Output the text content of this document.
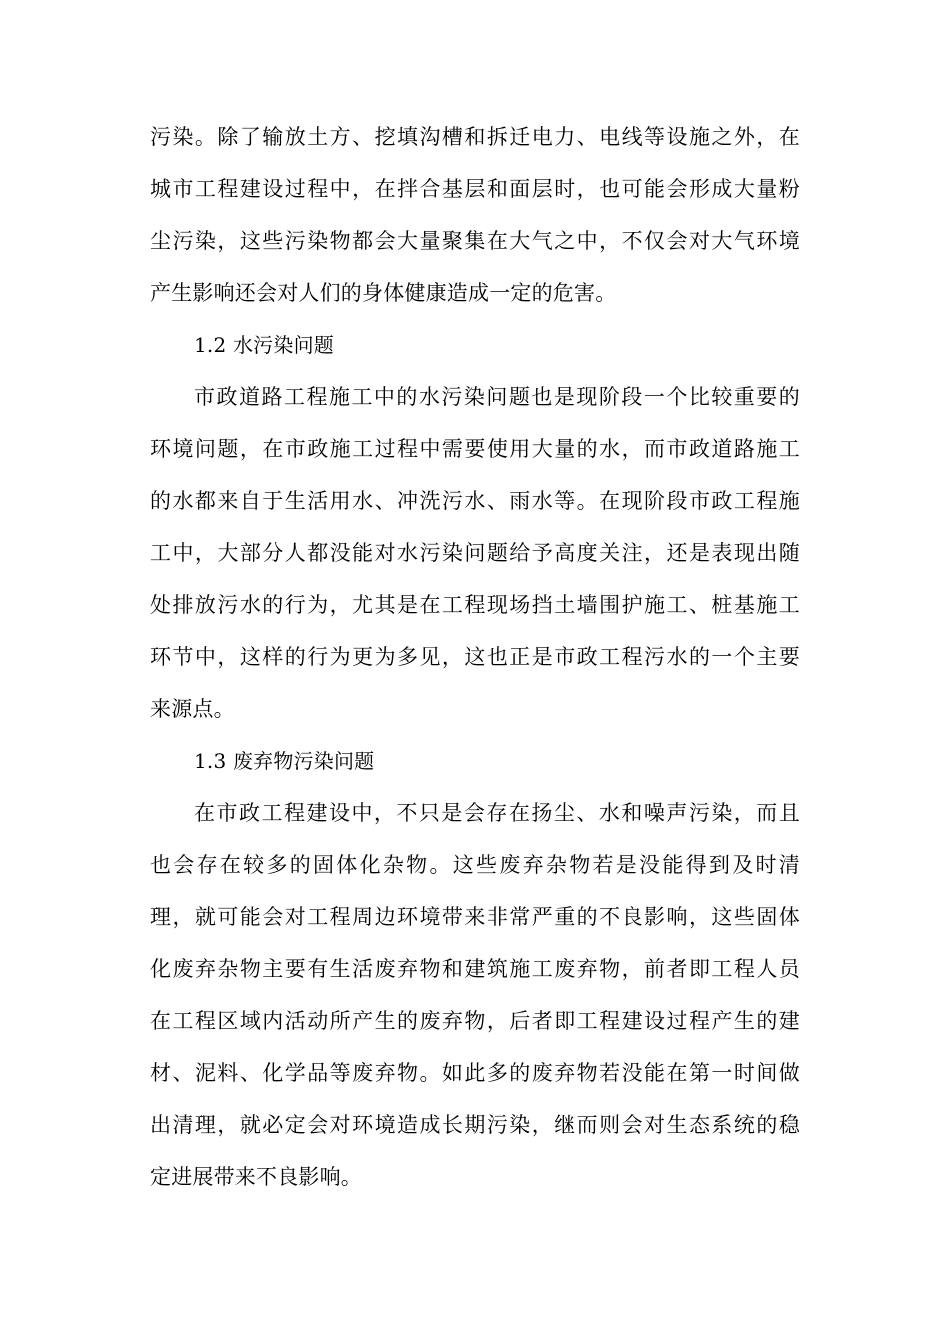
污染。除了输放土方、挖填沟槽和拆迁电力、电线等设施之外，在
城市工程建设过程中，在拌合基层和面层时，也可能会形成大量粉
尘污染，这些污染物都会大量聚集在大气之中，不仅会对大气环境
产生影响还会对人们的身体健康造成一定的危害。
1.2 水污染问题
市政道路工程施工中的水污染问题也是现阶段一个比较重要的
环境问题，在市政施工过程中需要使用大量的水，而市政道路施工
的水都来自于生活用水、冲洗污水、雨水等。在现阶段市政工程施
工中，大部分人都没能对水污染问题给予高度关注，还是表现出随
处排放污水的行为，尤其是在工程现场挡土墙围护施工、桩基施工
环节中，这样的行为更为多见，这也正是市政工程污水的一个主要
来源点。
1.3 废弃物污染问题
在市政工程建设中，不只是会存在扬尘、水和噪声污染，而且
也会存在较多的固体化杂物。这些废弃杂物若是没能得到及时清
理，就可能会对工程周边环境带来非常严重的不良影响，这些固体
化废弃杂物主要有生活废弃物和建筑施工废弃物，前者即工程人员
在工程区域内活动所产生的废弃物，后者即工程建设过程产生的建
材、泥料、化学品等废弃物。如此多的废弃物若没能在第一时间做
出清理，就必定会对环境造成长期污染，继而则会对生态系统的稳
定进展带来不良影响。
